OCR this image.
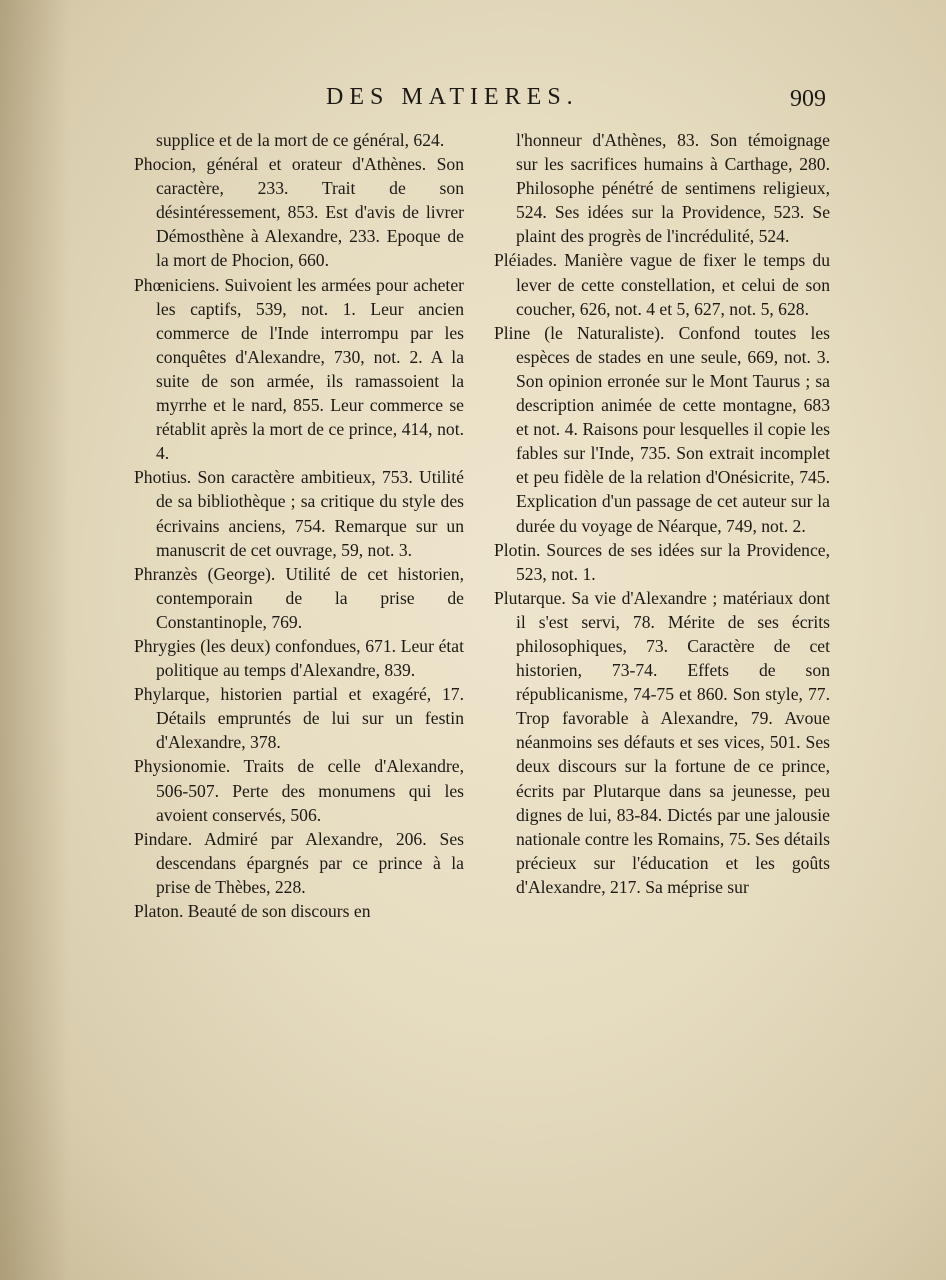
DES MATIERES.	909
supplice et de la mort de ce général, 624.
Phocion, général et orateur d'Athènes. Son caractère, 233. Trait de son désintéressement, 853. Est d'avis de livrer Démosthène à Alexandre, 233. Epoque de la mort de Phocion, 660.
Phœniciens. Suivoient les armées pour acheter les captifs, 539, not. 1. Leur ancien commerce de l'Inde interrompu par les conquêtes d'Alexandre, 730, not. 2. A la suite de son armée, ils ramassoient la myrrhe et le nard, 855. Leur commerce se rétablit après la mort de ce prince, 414, not. 4.
Photius. Son caractère ambitieux, 753. Utilité de sa bibliothèque ; sa critique du style des écrivains anciens, 754. Remarque sur un manuscrit de cet ouvrage, 59, not. 3.
Phranzès (George). Utilité de cet historien, contemporain de la prise de Constantinople, 769.
Phrygies (les deux) confondues, 671. Leur état politique au temps d'Alexandre, 839.
Phylarque, historien partial et exagéré, 17. Détails empruntés de lui sur un festin d'Alexandre, 378.
Physionomie. Traits de celle d'Alexandre, 506-507. Perte des monumens qui les avoient conservés, 506.
Pindare. Admiré par Alexandre, 206. Ses descendans épargnés par ce prince à la prise de Thèbes, 228.
Platon. Beauté de son discours en
l'honneur d'Athènes, 83. Son témoignage sur les sacrifices humains à Carthage, 280. Philosophe pénétré de sentimens religieux, 524. Ses idées sur la Providence, 523. Se plaint des progrès de l'incrédulité, 524.
Pléiades. Manière vague de fixer le temps du lever de cette constellation, et celui de son coucher, 626, not. 4 et 5, 627, not. 5, 628.
Pline (le Naturaliste). Confond toutes les espèces de stades en une seule, 669, not. 3. Son opinion erronée sur le Mont Taurus ; sa description animée de cette montagne, 683 et not. 4. Raisons pour lesquelles il copie les fables sur l'Inde, 735. Son extrait incomplet et peu fidèle de la relation d'Onésicrite, 745. Explication d'un passage de cet auteur sur la durée du voyage de Néarque, 749, not. 2.
Plotin. Sources de ses idées sur la Providence, 523, not. 1.
Plutarque. Sa vie d'Alexandre ; matériaux dont il s'est servi, 78. Mérite de ses écrits philosophiques, 73. Caractère de cet historien, 73-74. Effets de son républicanisme, 74-75 et 860. Son style, 77. Trop favorable à Alexandre, 79. Avoue néanmoins ses défauts et ses vices, 501. Ses deux discours sur la fortune de ce prince, écrits par Plutarque dans sa jeunesse, peu dignes de lui, 83-84. Dictés par une jalousie nationale contre les Romains, 75. Ses détails précieux sur l'éducation et les goûts d'Alexandre, 217. Sa méprise sur
